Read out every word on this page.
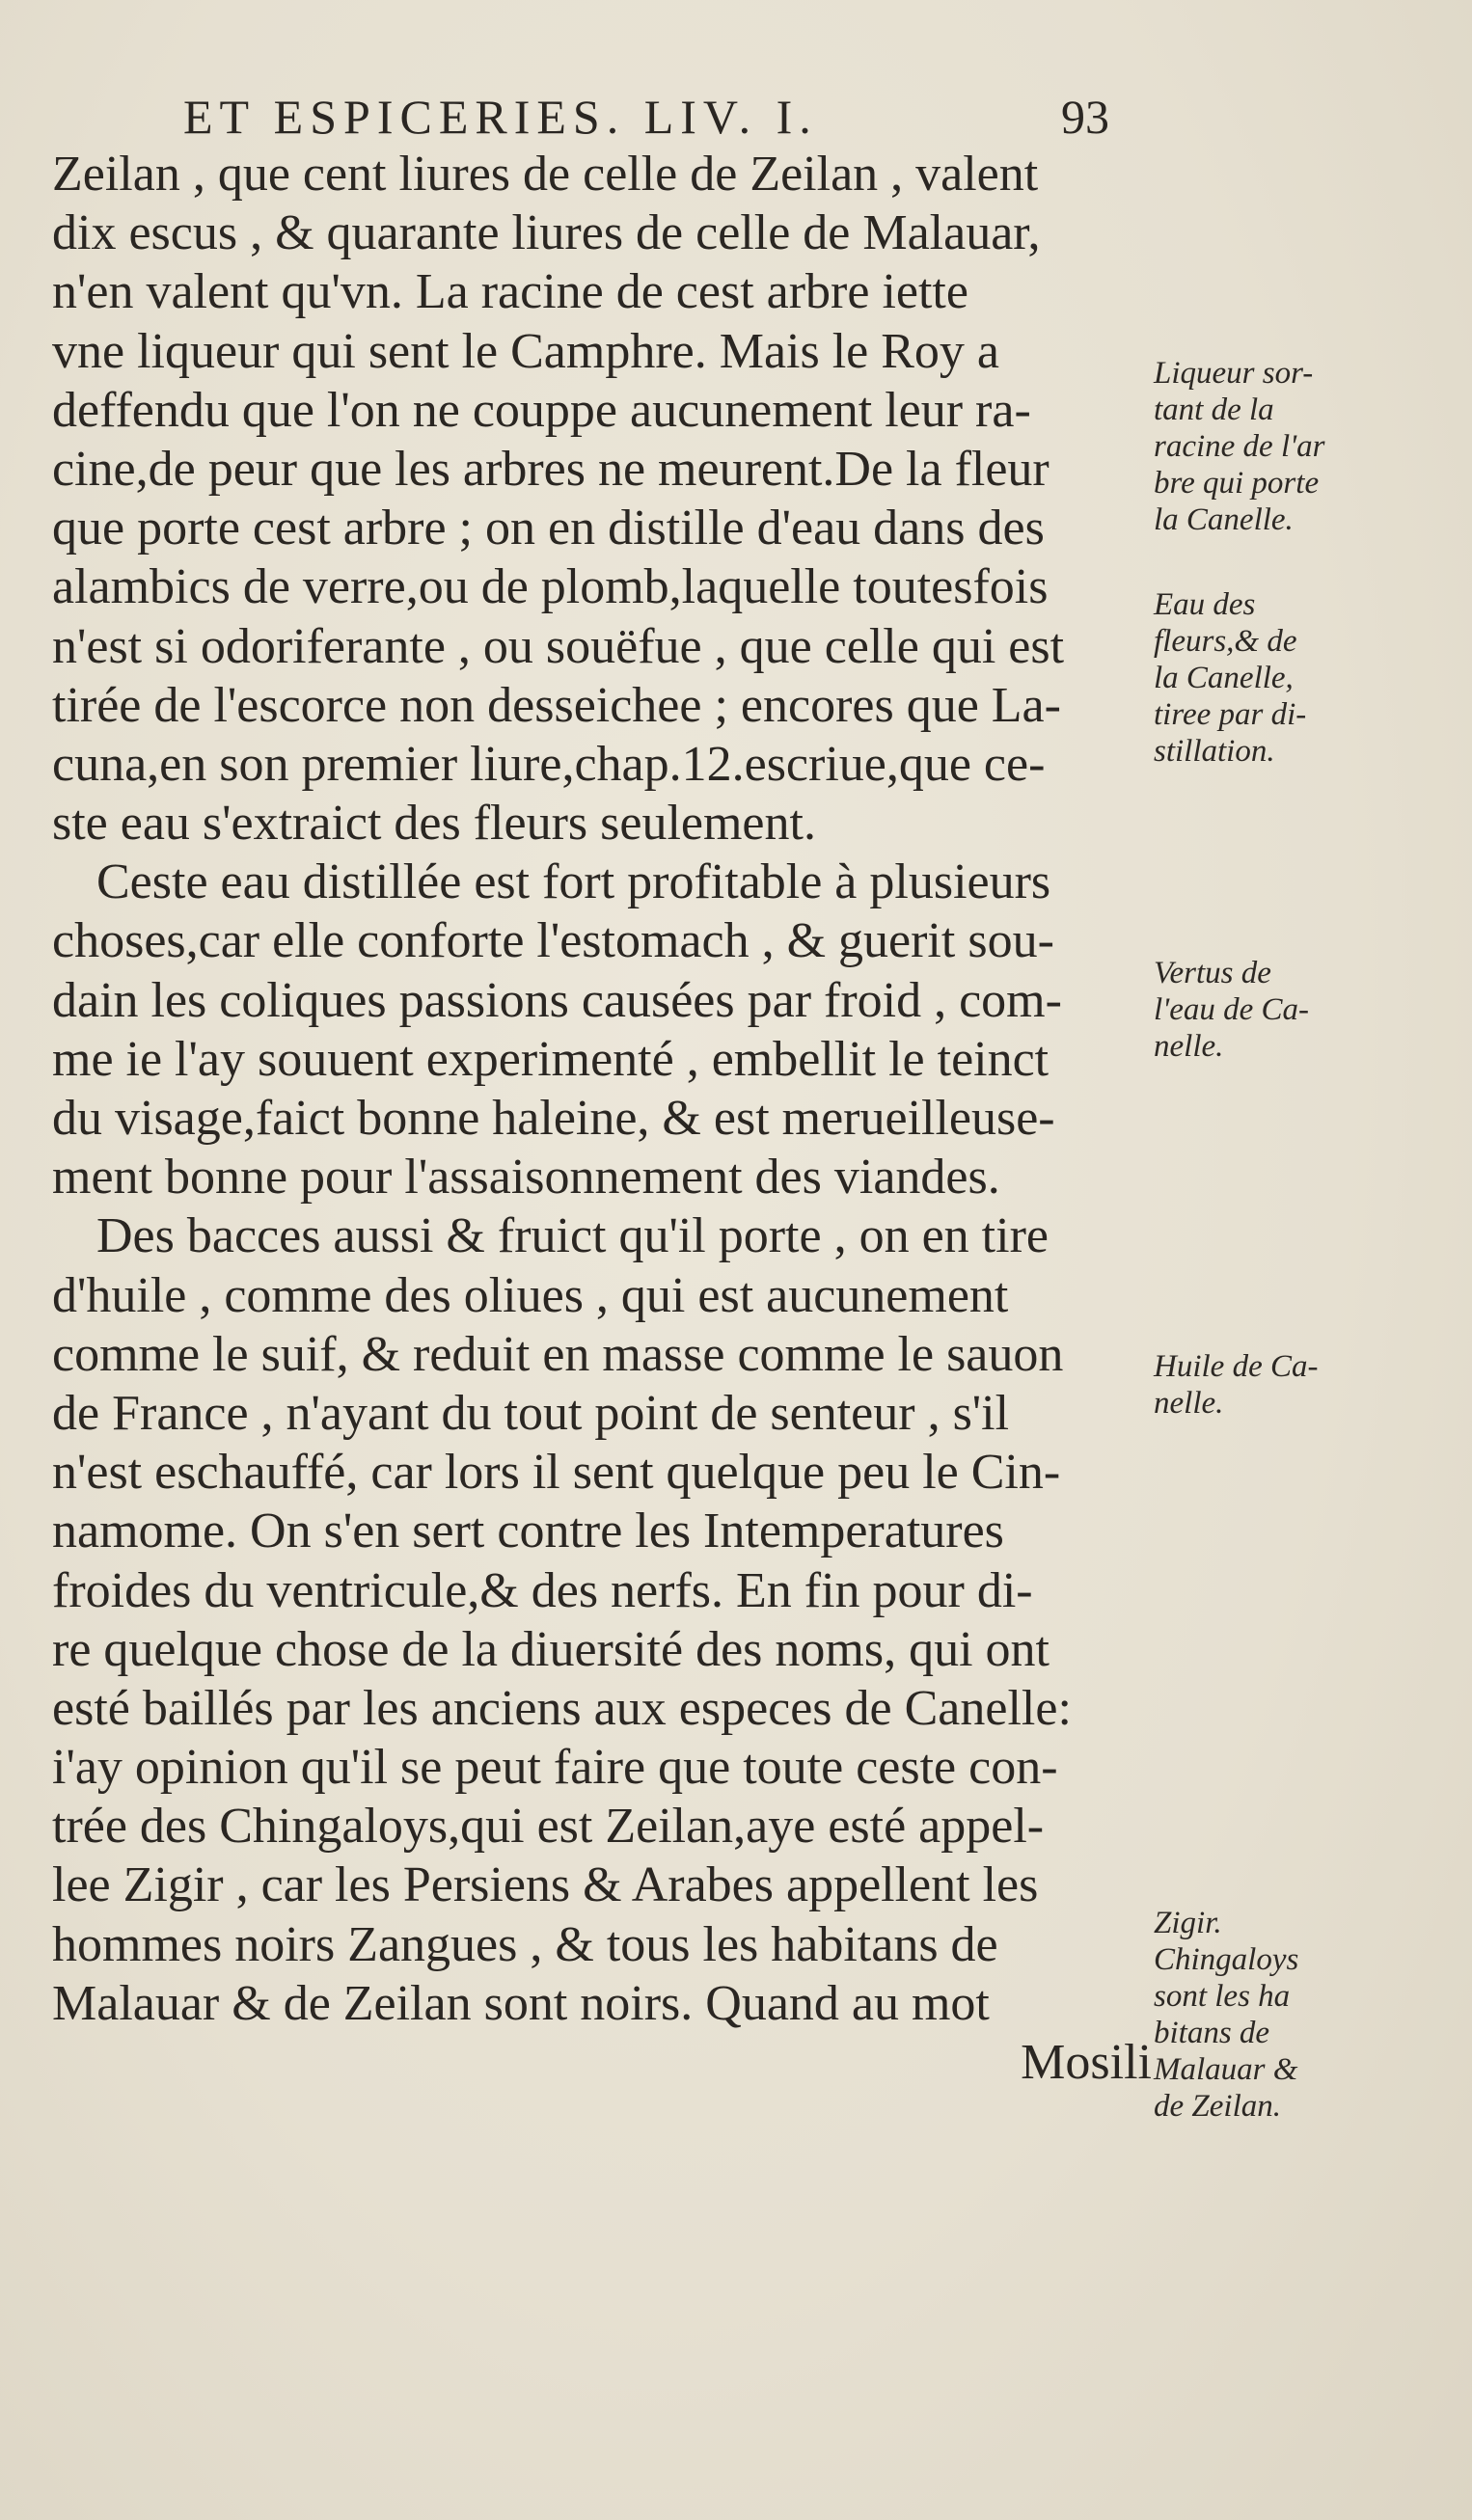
ET ESPICERIES. LIV. I.	93
Zeilan , que cent liures de celle de Zeilan , valent
dix escus , & quarante liures de celle de Malauar,
n'en valent qu'vn. La racine de cest arbre iette
vne liqueur qui sent le Camphre. Mais le Roy a
deffendu que l'on ne couppe aucunement leur ra-
cine,de peur que les arbres ne meurent.De la fleur
que porte cest arbre ; on en distille d'eau dans des
alambics de verre,ou de plomb,laquelle toutesfois
n'est si odoriferante , ou souëfue , que celle qui est
tirée de l'escorce non desseichee ; encores que La-
cuna,en son premier liure,chap.12.escriue,que ce-
ste eau s'extraict des fleurs seulement.
Ceste eau distillée est fort profitable à plusieurs
choses,car elle conforte l'estomach , & guerit sou-
dain les coliques passions causées par froid , com-
me ie l'ay souuent experimenté , embellit le teinct
du visage,faict bonne haleine, & est merueilleuse-
ment bonne pour l'assaisonnement des viandes.
Des bacces aussi & fruict qu'il porte , on en tire
d'huile , comme des oliues , qui est aucunement
comme le suif, & reduit en masse comme le sauon
de France , n'ayant du tout point de senteur , s'il
n'est eschauffé, car lors il sent quelque peu le Cin-
namome. On s'en sert contre les Intemperatures
froides du ventricule,& des nerfs. En fin pour di-
re quelque chose de la diuersité des noms, qui ont
esté baillés par les anciens aux especes de Canelle:
i'ay opinion qu'il se peut faire que toute ceste con-
trée des Chingaloys,qui est Zeilan,aye esté appel-
lee Zigir , car les Persiens & Arabes appellent les
hommes noirs Zangues , & tous les habitans de
Malauar & de Zeilan sont noirs. Quand au mot
Mosili
Liqueur sor-
tant de la
racine de l'ar
bre qui porte
la Canelle.
Eau des
fleurs,& de
la Canelle,
tiree par di-
stillation.
Vertus de
l'eau de Ca-
nelle.
Huile de Ca-
nelle.
Zigir.
Chingaloys
sont les ha
bitans de
Malauar &
de Zeilan.
